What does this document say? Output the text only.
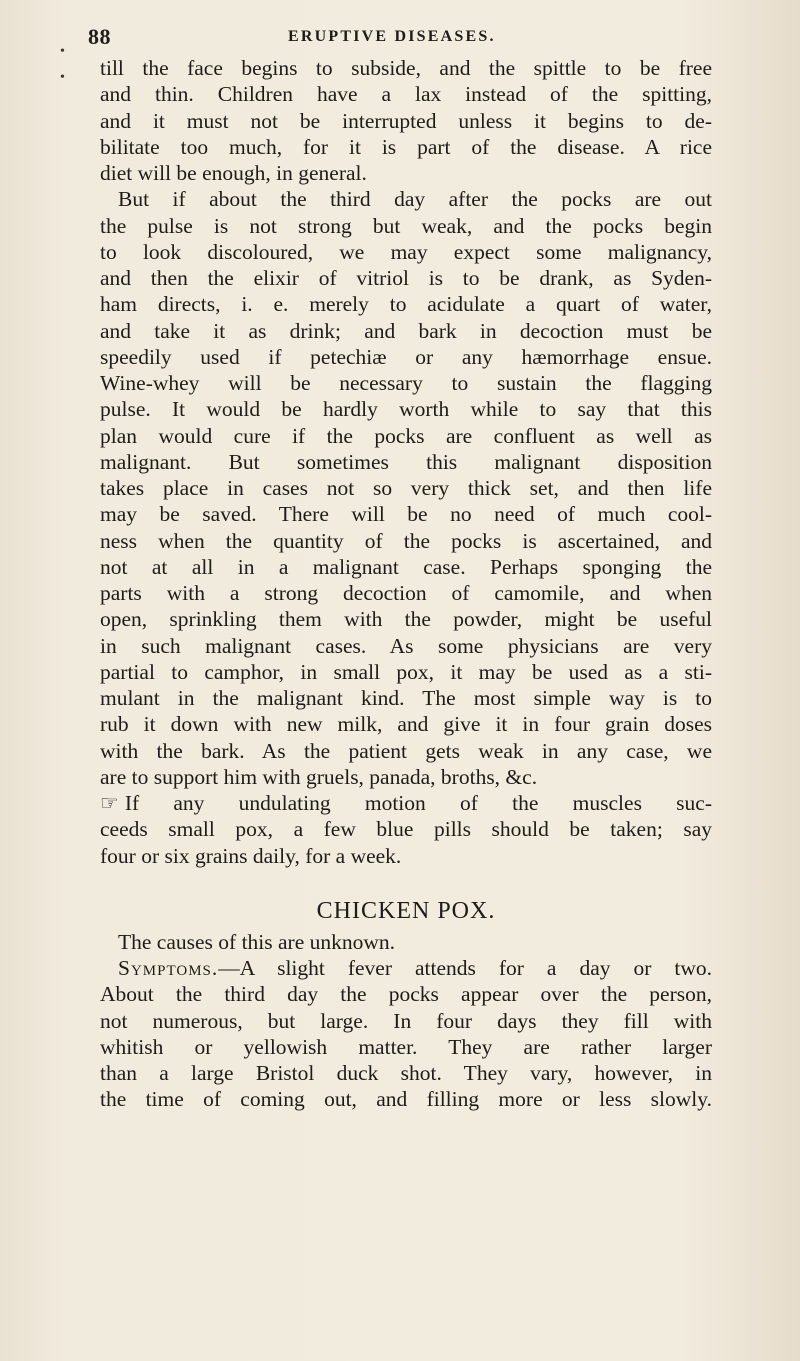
88	ERUPTIVE DISEASES.
till the face begins to subside, and the spittle to be free
and thin. Children have a lax instead of the spitting,
and it must not be interrupted unless it begins to de-
bilitate too much, for it is part of the disease. A rice
diet will be enough, in general.
But if about the third day after the pocks are out
the pulse is not strong but weak, and the pocks begin
to look discoloured, we may expect some malignancy,
and then the elixir of vitriol is to be drank, as Syden-
ham directs, i. e. merely to acidulate a quart of water,
and take it as drink; and bark in decoction must be
speedily used if petechiæ or any hæmorrhage ensue.
Wine-whey will be necessary to sustain the flagging
pulse. It would be hardly worth while to say that this
plan would cure if the pocks are confluent as well as
malignant. But sometimes this malignant disposition
takes place in cases not so very thick set, and then life
may be saved. There will be no need of much cool-
ness when the quantity of the pocks is ascertained, and
not at all in a malignant case. Perhaps sponging the
parts with a strong decoction of camomile, and when
open, sprinkling them with the powder, might be useful
in such malignant cases. As some physicians are very
partial to camphor, in small pox, it may be used as a sti-
mulant in the malignant kind. The most simple way is to
rub it down with new milk, and give it in four grain doses
with the bark. As the patient gets weak in any case, we
are to support him with gruels, panada, broths, &c.
☞ If any undulating motion of the muscles suc-
ceeds small pox, a few blue pills should be taken; say
four or six grains daily, for a week.
CHICKEN POX.
The causes of this are unknown.
Symptoms. —A slight fever attends for a day or two.
About the third day the pocks appear over the person,
not numerous, but large. In four days they fill with
whitish or yellowish matter. They are rather larger
than a large Bristol duck shot. They vary, however, in
the time of coming out, and filling more or less slowly.
•
•
